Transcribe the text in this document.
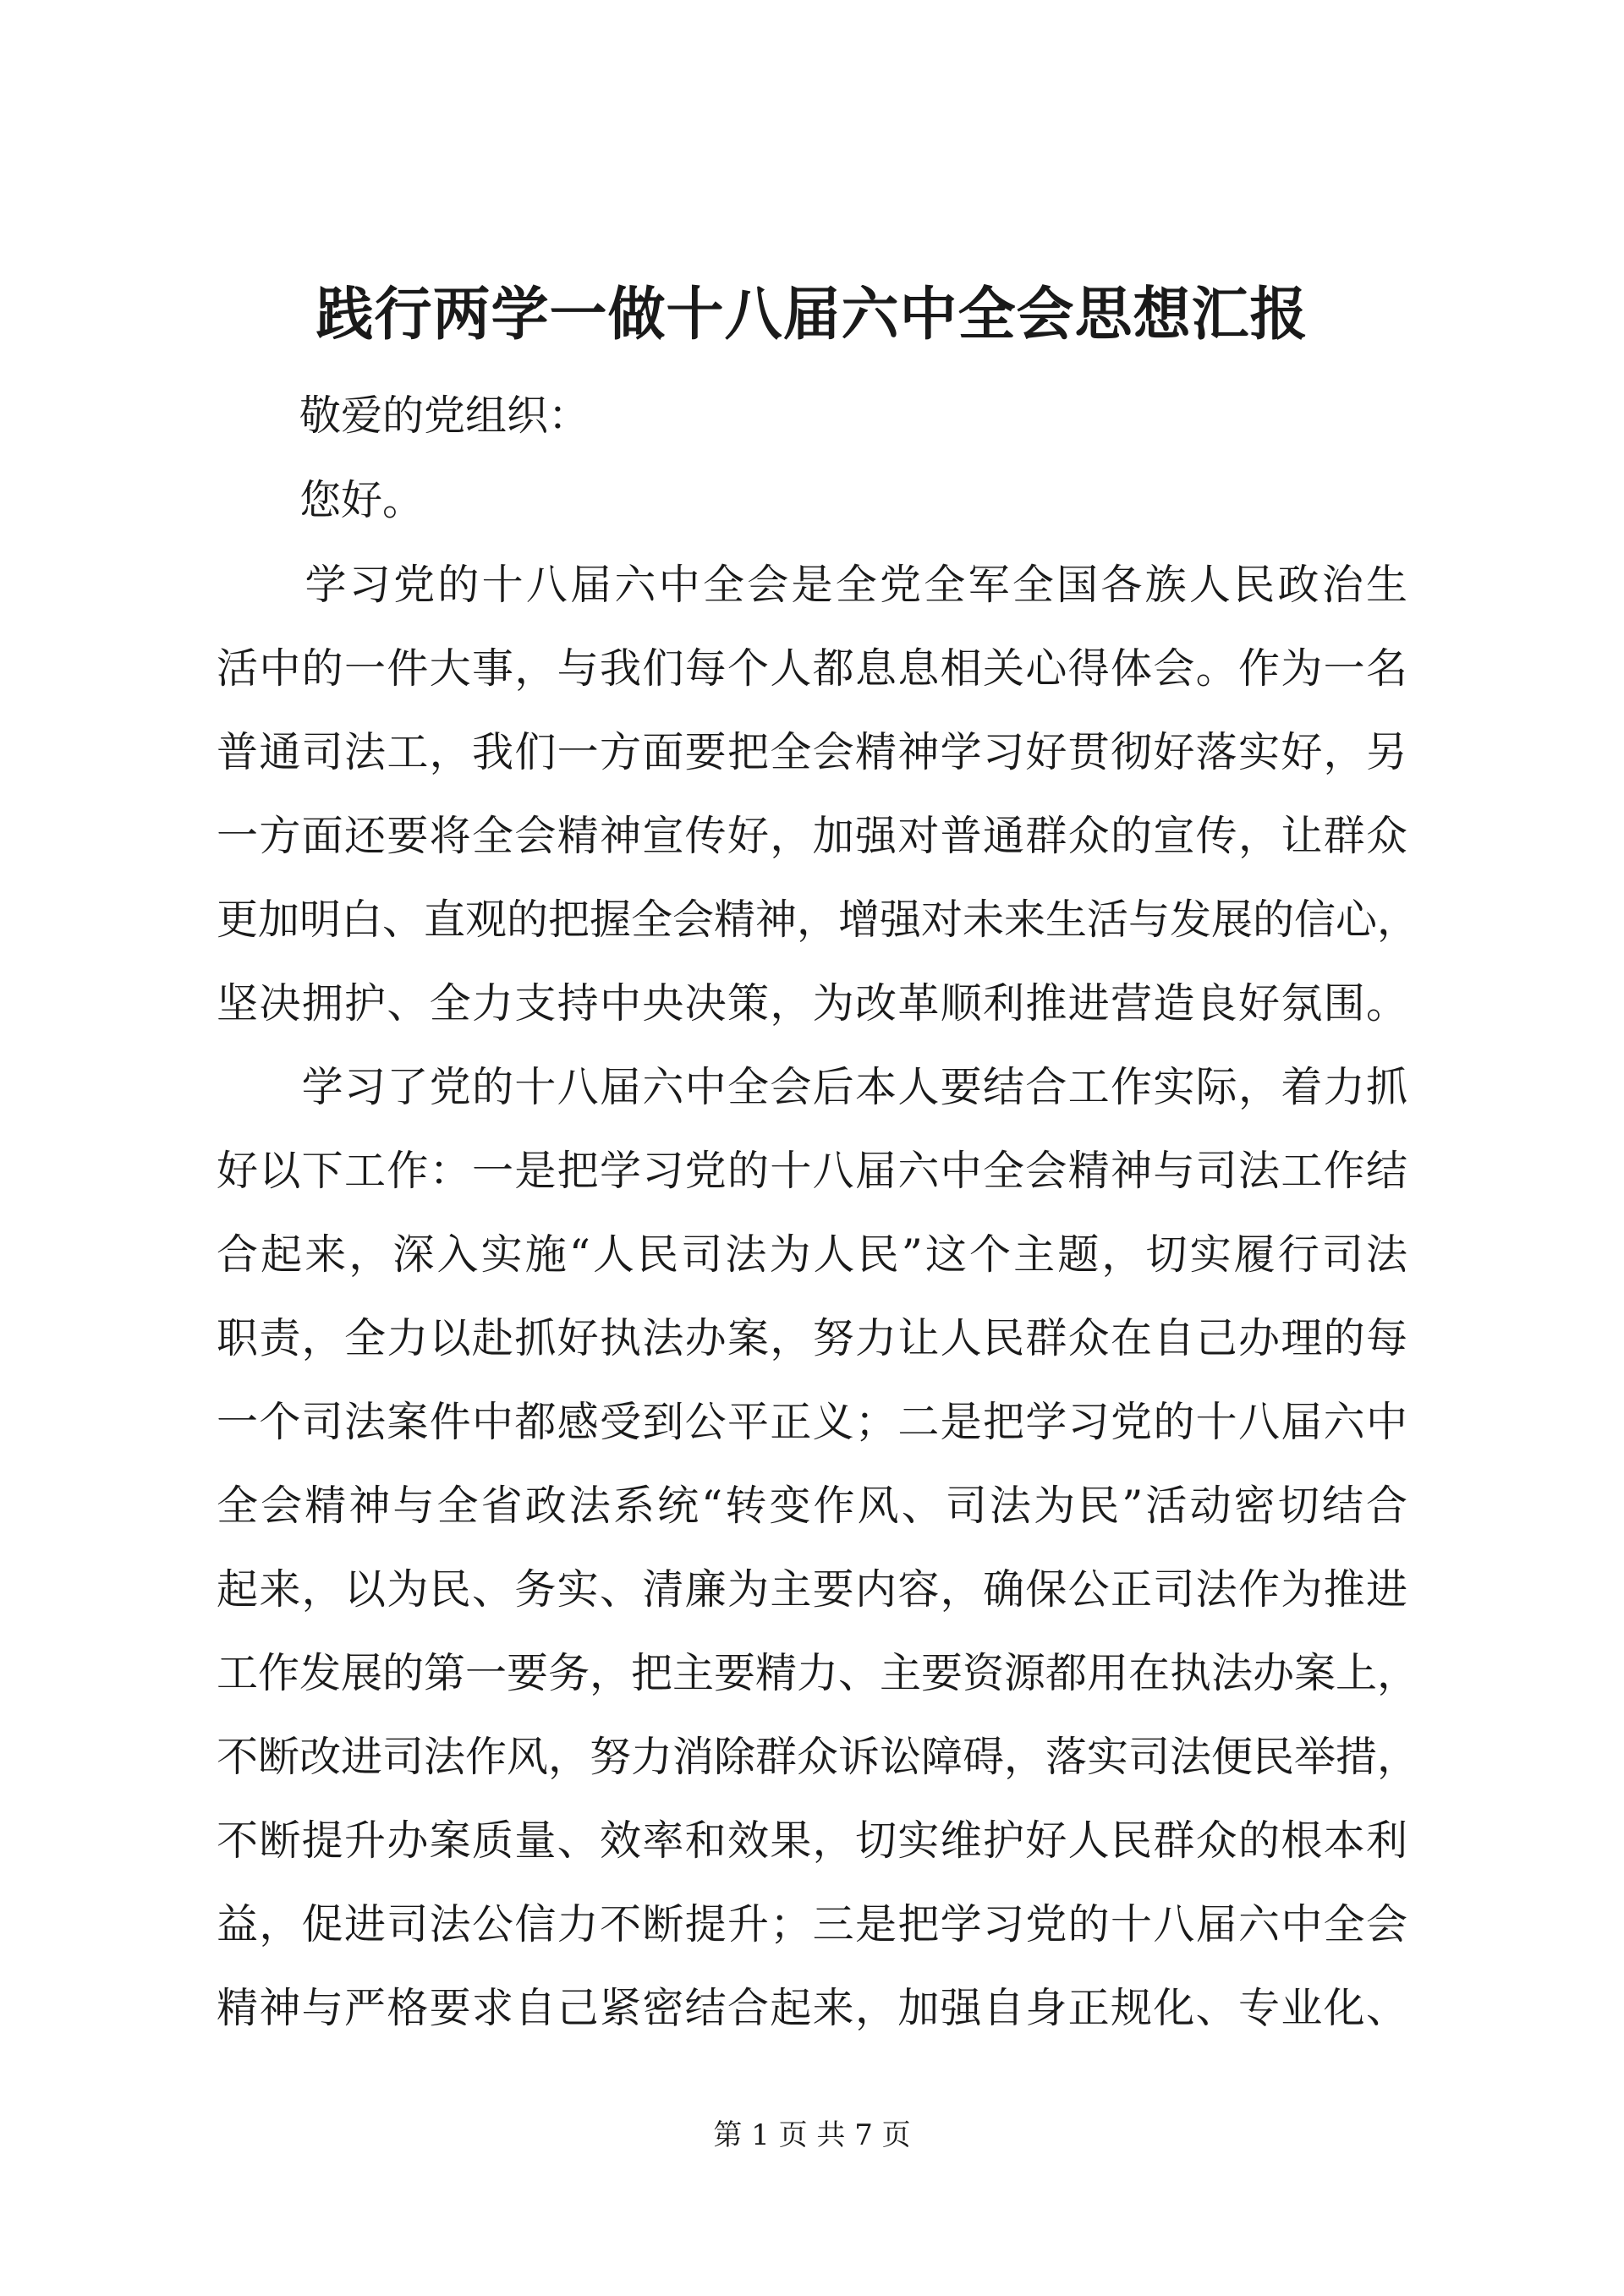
践行两学一做十八届六中全会思想汇报
　　敬爱的党组织：
　　您好。
　　学习党的十八届六中全会是全党全军全国各族人民政治生
活中的一件大事，与我们每个人都息息相关心得体会。作为一名
普通司法工，我们一方面要把全会精神学习好贯彻好落实好，另
一方面还要将全会精神宣传好，加强对普通群众的宣传，让群众
更加明白、直观的把握全会精神，增强对未来生活与发展的信心，
坚决拥护、全力支持中央决策，为改革顺利推进营造良好氛围。
　　学习了党的十八届六中全会后本人要结合工作实际，着力抓
好以下工作：一是把学习党的十八届六中全会精神与司法工作结
合起来，深入实施“人民司法为人民”这个主题，切实履行司法
职责，全力以赴抓好执法办案，努力让人民群众在自己办理的每
一个司法案件中都感受到公平正义；二是把学习党的十八届六中
全会精神与全省政法系统“转变作风、司法为民”活动密切结合
起来，以为民、务实、清廉为主要内容，确保公正司法作为推进
工作发展的第一要务，把主要精力、主要资源都用在执法办案上，
不断改进司法作风，努力消除群众诉讼障碍，落实司法便民举措，
不断提升办案质量、效率和效果，切实维护好人民群众的根本利
益，促进司法公信力不断提升；三是把学习党的十八届六中全会
精神与严格要求自己紧密结合起来，加强自身正规化、专业化、
第 1 页 共 7 页
